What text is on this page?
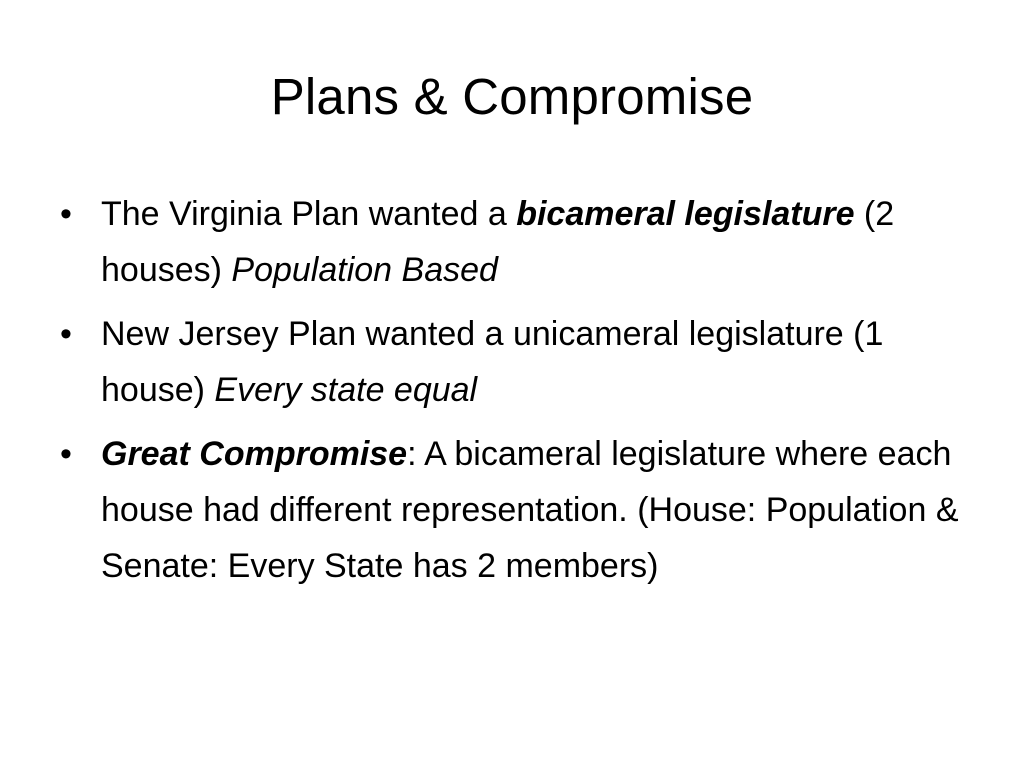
Plans & Compromise
• The Virginia Plan wanted a bicameral legislature (2 houses) Population Based
• New Jersey Plan wanted a unicameral legislature (1 house) Every state equal
• Great Compromise: A bicameral legislature where each house had different representation. (House: Population & Senate: Every State has 2 members)
